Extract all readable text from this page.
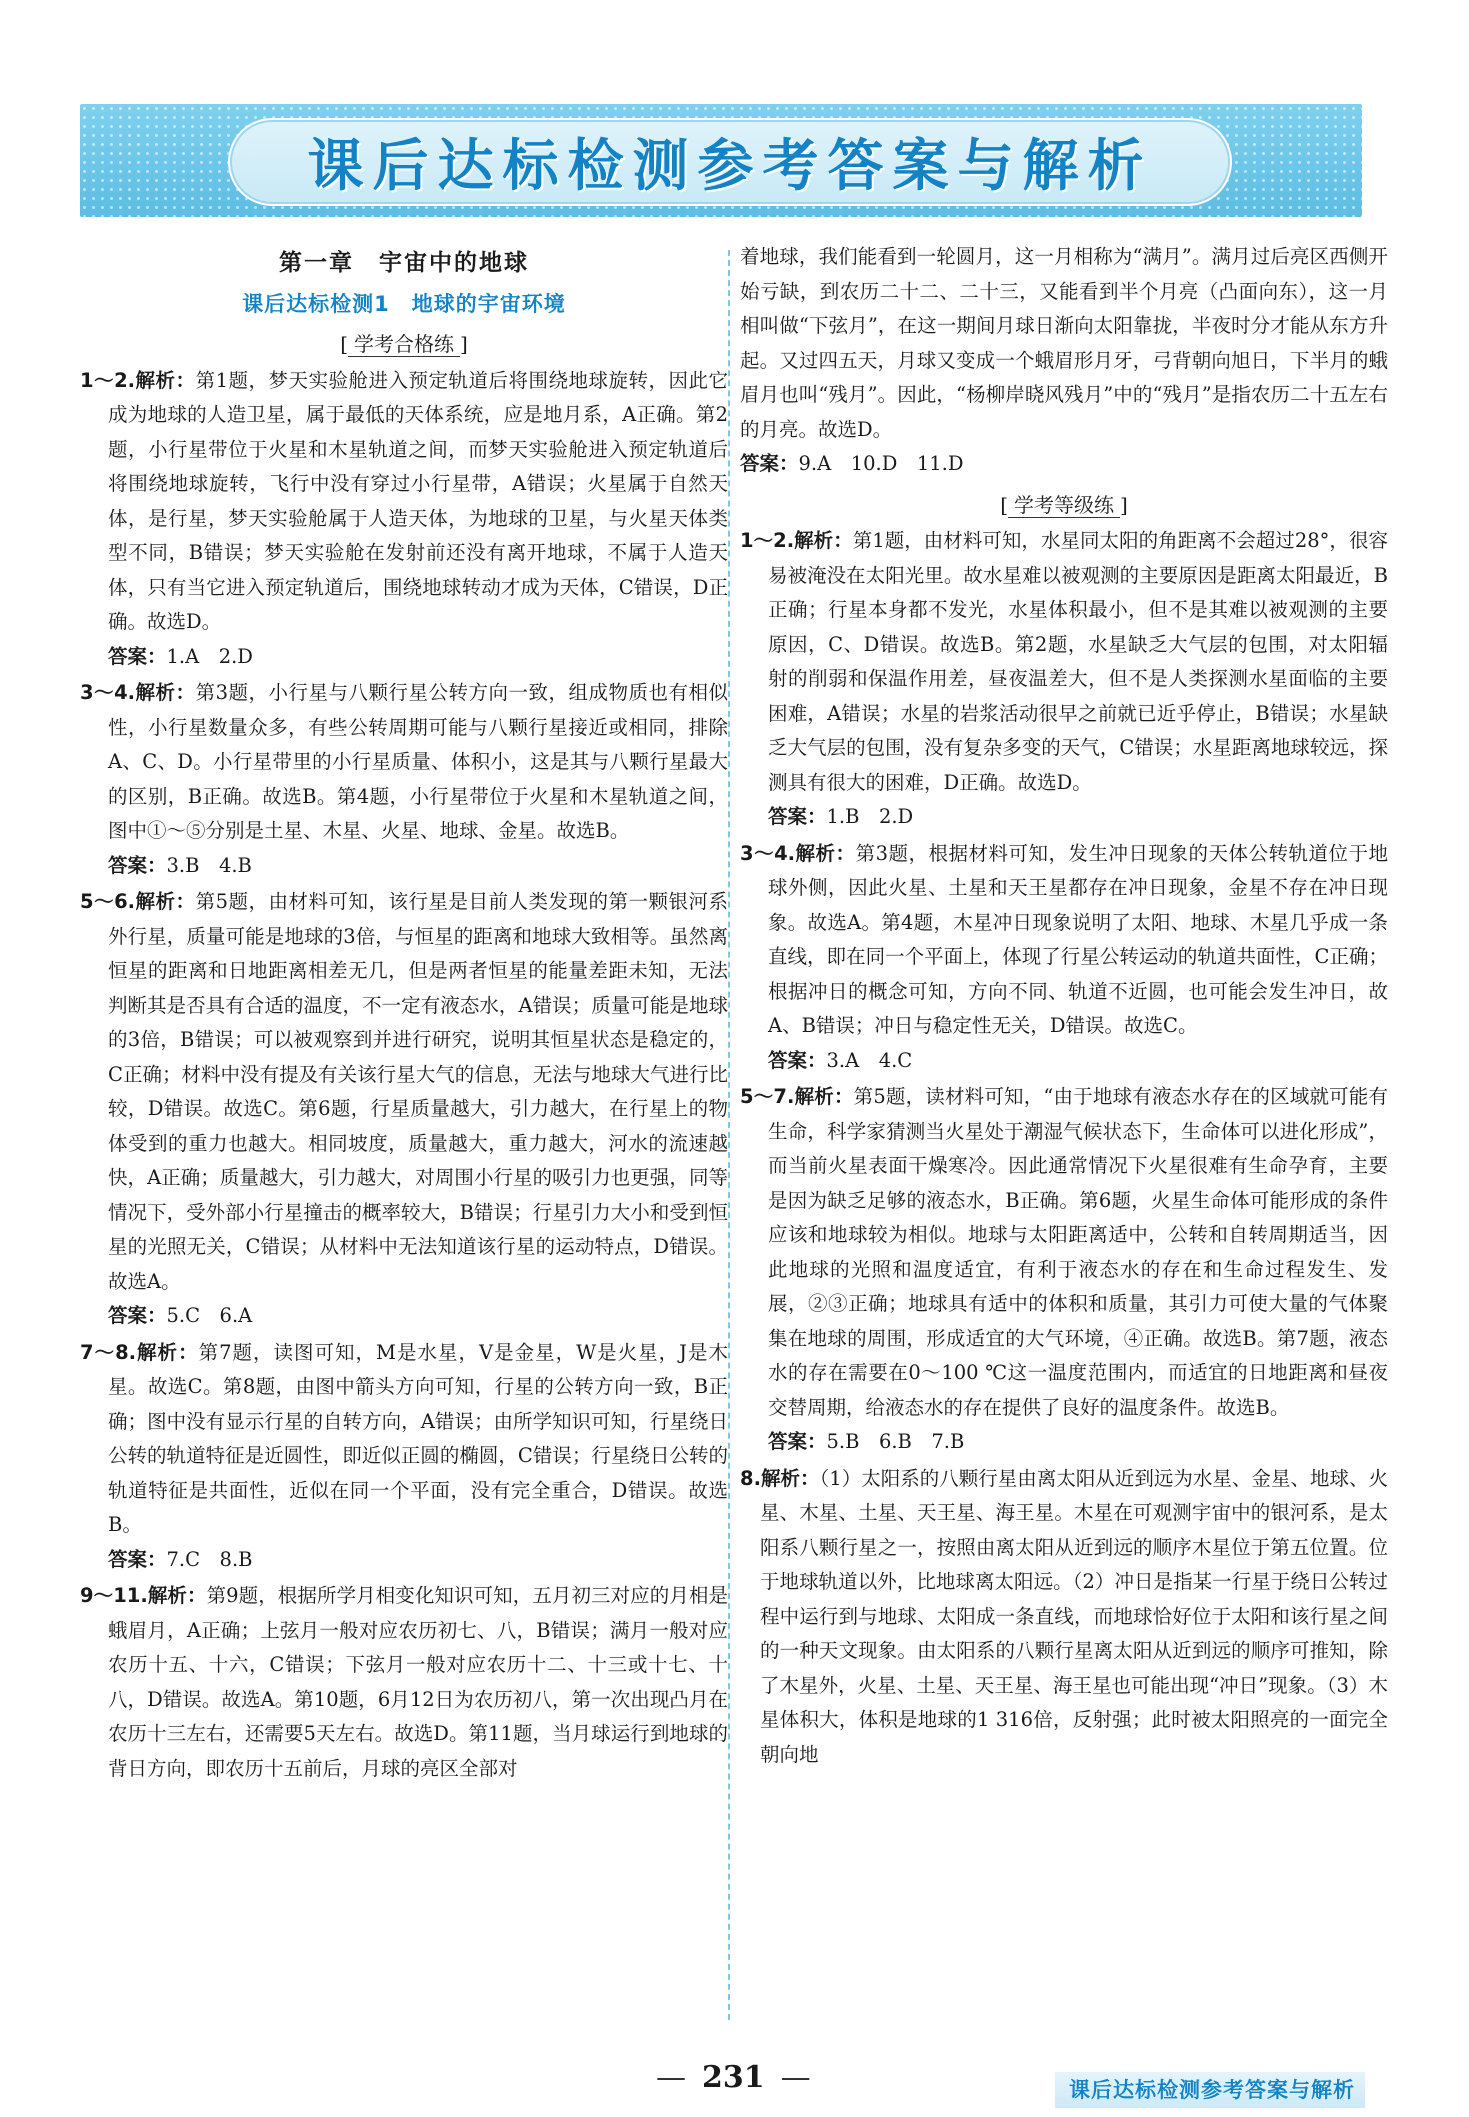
课后达标检测参考答案与解析
第一章　宇宙中的地球
课后达标检测1　地球的宇宙环境
[ 学考合格练 ]

1～2.解析：第1题，梦天实验舱进入预定轨道后将围绕地球旋转，因此它成为地球的人造卫星，属于最低的天体系统，应是地月系，A正确。第2题，小行星带位于火星和木星轨道之间，而梦天实验舱进入预定轨道后将围绕地球旋转，飞行中没有穿过小行星带，A错误；火星属于自然天体，是行星，梦天实验舱属于人造天体，为地球的卫星，与火星天体类型不同，B错误；梦天实验舱在发射前还没有离开地球，不属于人造天体，只有当它进入预定轨道后，围绕地球转动才成为天体，C错误，D正确。故选D。

答案：1.A　2.D

3～4.解析：第3题，小行星与八颗行星公转方向一致，组成物质也有相似性，小行星数量众多，有些公转周期可能与八颗行星接近或相同，排除A、C、D。小行星带里的小行星质量、体积小，这是其与八颗行星最大的区别，B正确。故选B。第4题，小行星带位于火星和木星轨道之间，图中①～⑤分别是土星、木星、火星、地球、金星。故选B。

答案：3.B　4.B

5～6.解析：第5题，由材料可知，该行星是目前人类发现的第一颗银河系外行星，质量可能是地球的3倍，与恒星的距离和地球大致相等。虽然离恒星的距离和日地距离相差无几，但是两者恒星的能量差距未知，无法判断其是否具有合适的温度，不一定有液态水，A错误；质量可能是地球的3倍，B错误；可以被观察到并进行研究，说明其恒星状态是稳定的，C正确；材料中没有提及有关该行星大气的信息，无法与地球大气进行比较，D错误。故选C。第6题，行星质量越大，引力越大，在行星上的物体受到的重力也越大。相同坡度，质量越大，重力越大，河水的流速越快，A正确；质量越大，引力越大，对周围小行星的吸引力也更强，同等情况下，受外部小行星撞击的概率较大，B错误；行星引力大小和受到恒星的光照无关，C错误；从材料中无法知道该行星的运动特点，D错误。故选A。

答案：5.C　6.A

7～8.解析：第7题，读图可知，M是水星，V是金星，W是火星，J是木星。故选C。第8题，由图中箭头方向可知，行星的公转方向一致，B正确；图中没有显示行星的自转方向，A错误；由所学知识可知，行星绕日公转的轨道特征是近圆性，即近似正圆的椭圆，C错误；行星绕日公转的轨道特征是共面性，近似在同一个平面，没有完全重合，D错误。故选B。

答案：7.C　8.B

9～11.解析：第9题，根据所学月相变化知识可知，五月初三对应的月相是蛾眉月，A正确；上弦月一般对应农历初七、八，B错误；满月一般对应农历十五、十六，C错误；下弦月一般对应农历十二、十三或十七、十八，D错误。故选A。第10题，6月12日为农历初八，第一次出现凸月在农历十三左右，还需要5天左右。故选D。第11题，当月球运行到地球的背日方向，即农历十五前后，月球的亮区全部对

着地球，我们能看到一轮圆月，这一月相称为“满月”。满月过后亮区西侧开始亏缺，到农历二十二、二十三，又能看到半个月亮（凸面向东），这一月相叫做“下弦月”，在这一期间月球日渐向太阳靠拢，半夜时分才能从东方升起。又过四五天，月球又变成一个蛾眉形月牙，弓背朝向旭日，下半月的蛾眉月也叫“残月”。因此，“杨柳岸晓风残月”中的“残月”是指农历二十五左右的月亮。故选D。

答案：9.A　10.D　11.D

[ 学考等级练 ]

1～2.解析：第1题，由材料可知，水星同太阳的角距离不会超过28°，很容易被淹没在太阳光里。故水星难以被观测的主要原因是距离太阳最近，B正确；行星本身都不发光，水星体积最小，但不是其难以被观测的主要原因，C、D错误。故选B。第2题，水星缺乏大气层的包围，对太阳辐射的削弱和保温作用差，昼夜温差大，但不是人类探测水星面临的主要困难，A错误；水星的岩浆活动很早之前就已近乎停止，B错误；水星缺乏大气层的包围，没有复杂多变的天气，C错误；水星距离地球较远，探测具有很大的困难，D正确。故选D。

答案：1.B　2.D

3～4.解析：第3题，根据材料可知，发生冲日现象的天体公转轨道位于地球外侧，因此火星、土星和天王星都存在冲日现象，金星不存在冲日现象。故选A。第4题，木星冲日现象说明了太阳、地球、木星几乎成一条直线，即在同一个平面上，体现了行星公转运动的轨道共面性，C正确；根据冲日的概念可知，方向不同、轨道不近圆，也可能会发生冲日，故A、B错误；冲日与稳定性无关，D错误。故选C。

答案：3.A　4.C

5～7.解析：第5题，读材料可知，“由于地球有液态水存在的区域就可能有生命，科学家猜测当火星处于潮湿气候状态下，生命体可以进化形成”，而当前火星表面干燥寒冷。因此通常情况下火星很难有生命孕育，主要是因为缺乏足够的液态水，B正确。第6题，火星生命体可能形成的条件应该和地球较为相似。地球与太阳距离适中，公转和自转周期适当，因此地球的光照和温度适宜，有利于液态水的存在和生命过程发生、发展，②③正确；地球具有适中的体积和质量，其引力可使大量的气体聚集在地球的周围，形成适宜的大气环境，④正确。故选B。第7题，液态水的存在需要在0～100 ℃这一温度范围内，而适宜的日地距离和昼夜交替周期，给液态水的存在提供了良好的温度条件。故选B。

答案：5.B　6.B　7.B

8.解析：（1）太阳系的八颗行星由离太阳从近到远为水星、金星、地球、火星、木星、土星、天王星、海王星。木星在可观测宇宙中的银河系，是太阳系八颗行星之一，按照由离太阳从近到远的顺序木星位于第五位置。位于地球轨道以外，比地球离太阳远。（2）冲日是指某一行星于绕日公转过程中运行到与地球、太阳成一条直线，而地球恰好位于太阳和该行星之间的一种天文现象。由太阳系的八颗行星离太阳从近到远的顺序可推知，除了木星外，火星、土星、天王星、海王星也可能出现“冲日”现象。（3）木星体积大，体积是地球的1 316倍，反射强；此时被太阳照亮的一面完全朝向地

— 231 —	课后达标检测参考答案与解析
